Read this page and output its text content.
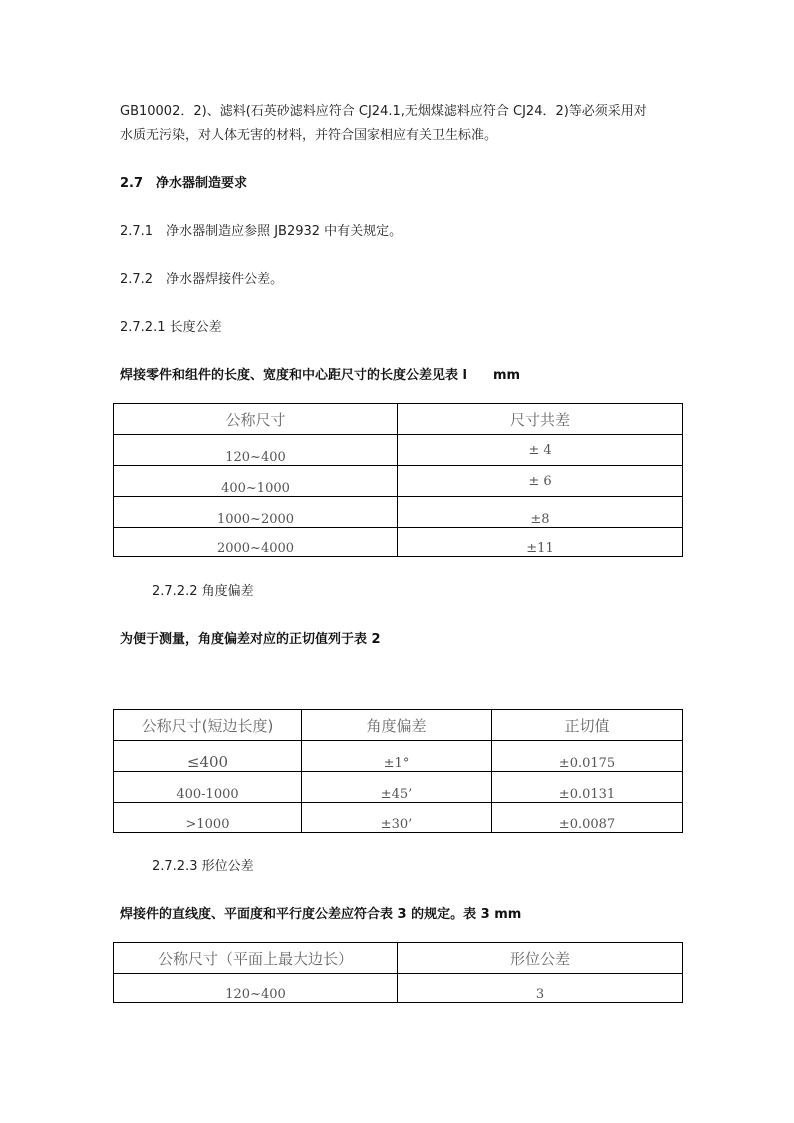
GB10002．2)、滤料(石英砂滤料应符合 CJ24.1,无烟煤滤料应符合 CJ24．2)等必须采用对
水质无污染，对人体无害的材料，并符合国家相应有关卫生标准。
2.7　净水器制造要求
2.7.1　净水器制造应参照 JB2932 中有关规定。
2.7.2　净水器焊接件公差。
2.7.2.1 长度公差
焊接零件和组件的长度、宽度和中心距尺寸的长度公差见表 l　　mm
公称尺寸	尺寸共差
120~400	± 4
400~1000	± 6
1000~2000	±8
2000~4000	±11
2.7.2.2 角度偏差
为便于测量，角度偏差对应的正切值列于表 2
公称尺寸(短边长度)	角度偏差	正切值
≤400	±1°	±0.0175
400-1000	±45’	±0.0131
>1000	±30’	±0.0087
2.7.2.3 形位公差
焊接件的直线度、平面度和平行度公差应符合表 3 的规定。表 3 mm
公称尺寸（平面上最大边长）	形位公差
120~400	3
